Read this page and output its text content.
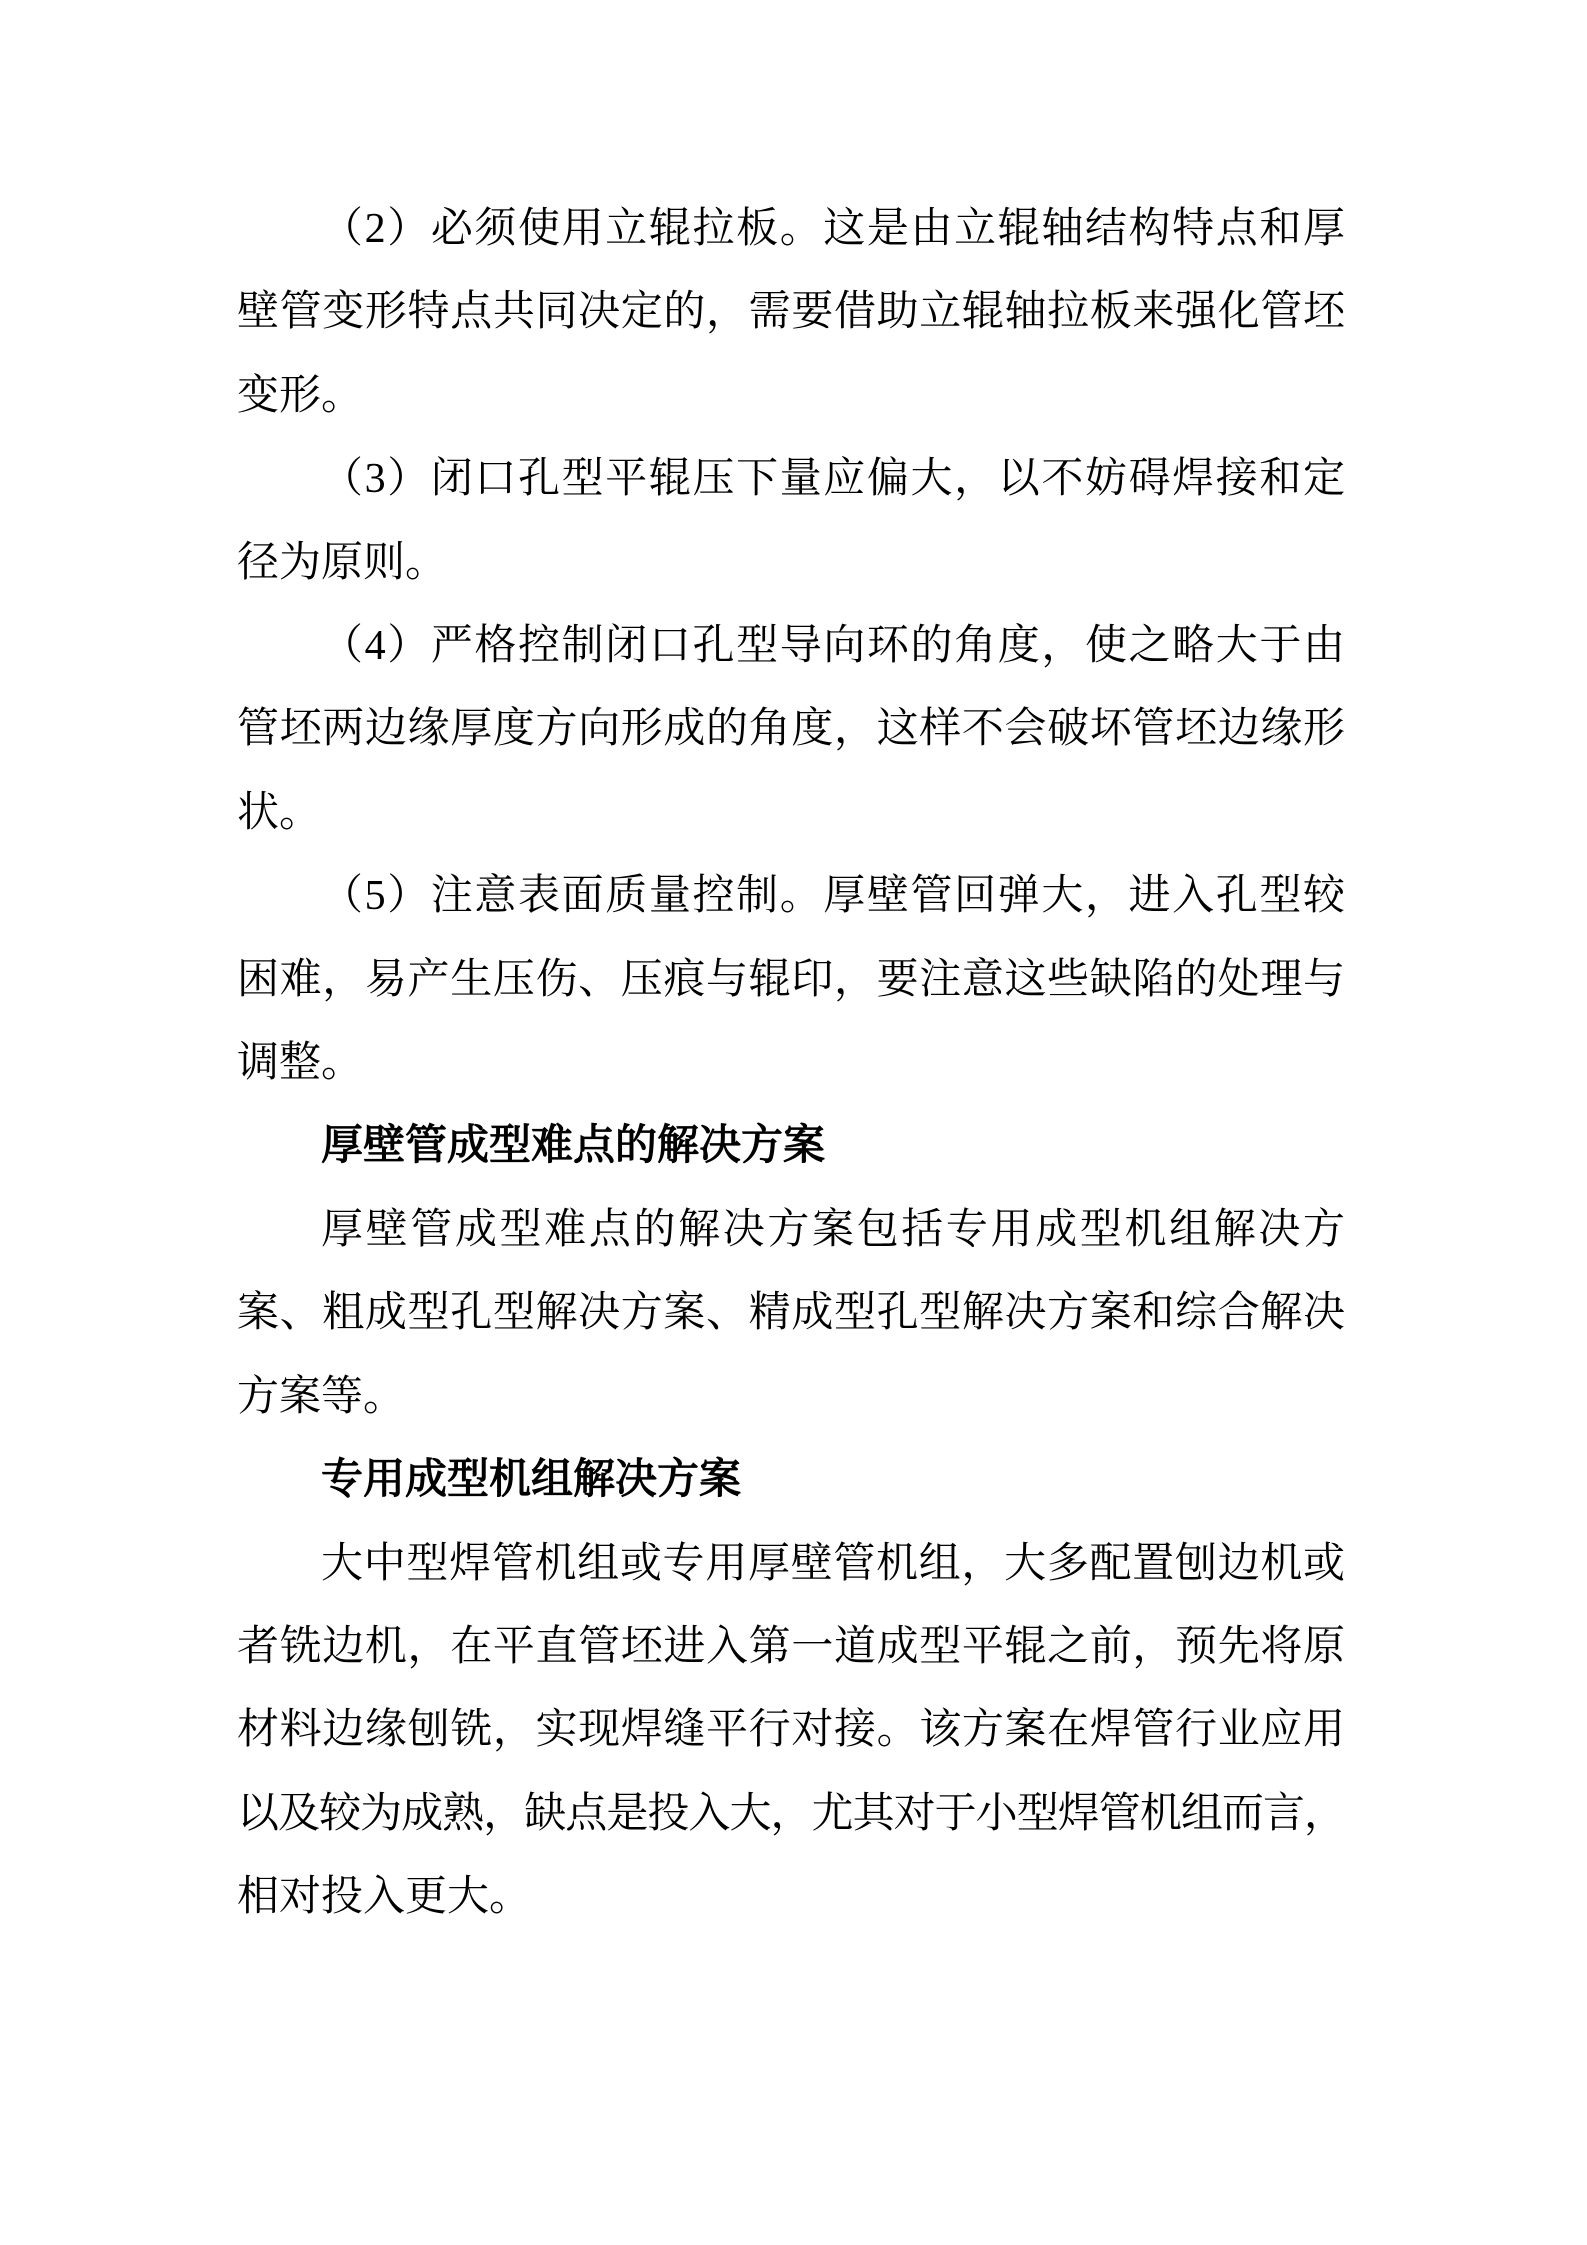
（2）必须使用立辊拉板。这是由立辊轴结构特点和厚
壁管变形特点共同决定的，需要借助立辊轴拉板来强化管坯
变形。
（3）闭口孔型平辊压下量应偏大，以不妨碍焊接和定
径为原则。
（4）严格控制闭口孔型导向环的角度，使之略大于由
管坯两边缘厚度方向形成的角度，这样不会破坏管坯边缘形
状。
（5）注意表面质量控制。厚壁管回弹大，进入孔型较
困难，易产生压伤、压痕与辊印，要注意这些缺陷的处理与
调整。
厚壁管成型难点的解决方案
厚壁管成型难点的解决方案包括专用成型机组解决方
案、粗成型孔型解决方案、精成型孔型解决方案和综合解决
方案等。
专用成型机组解决方案
大中型焊管机组或专用厚壁管机组，大多配置刨边机或
者铣边机，在平直管坯进入第一道成型平辊之前，预先将原
材料边缘刨铣，实现焊缝平行对接。该方案在焊管行业应用
以及较为成熟，缺点是投入大，尤其对于小型焊管机组而言，
相对投入更大。
